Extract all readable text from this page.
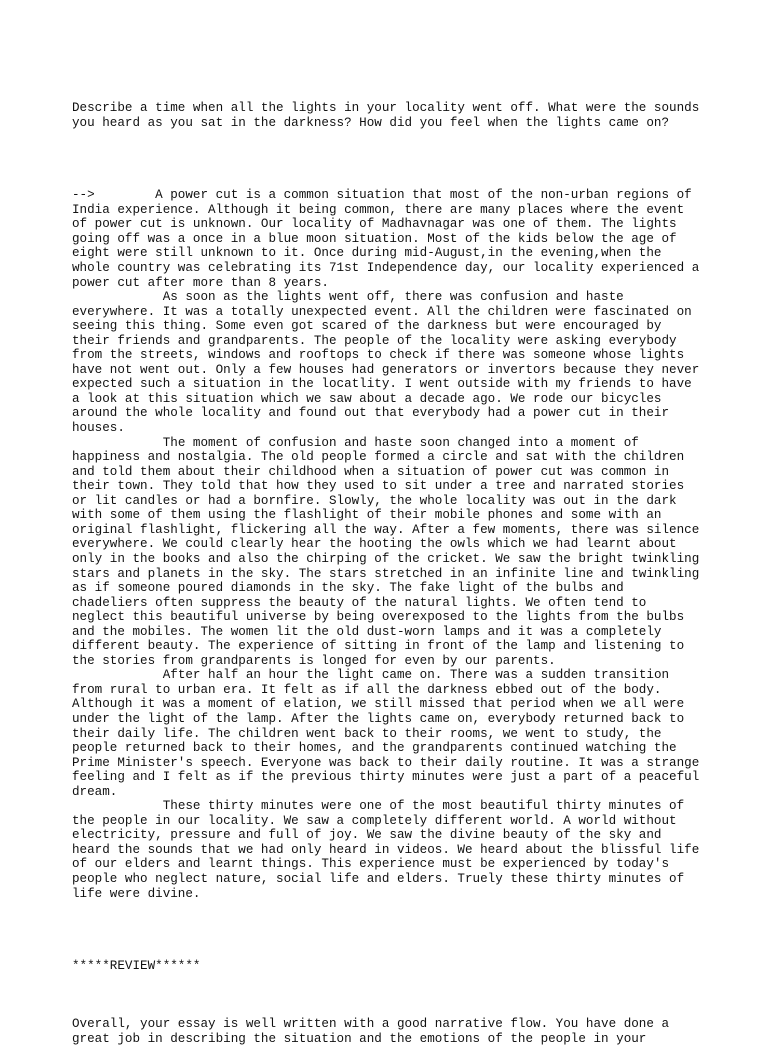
Describe a time when all the lights in your locality went off. What were the sounds
you heard as you sat in the darkness? How did you feel when the lights came on?

-->        A power cut is a common situation that most of the non-urban regions of
India experience. Although it being common, there are many places where the event
of power cut is unknown. Our locality of Madhavnagar was one of them. The lights
going off was a once in a blue moon situation. Most of the kids below the age of
eight were still unknown to it. Once during mid-August,in the evening,when the
whole country was celebrating its 71st Independence day, our locality experienced a
power cut after more than 8 years.
As soon as the lights went off, there was confusion and haste
everywhere. It was a totally unexpected event. All the children were fascinated on
seeing this thing. Some even got scared of the darkness but were encouraged by
their friends and grandparents. The people of the locality were asking everybody
from the streets, windows and rooftops to check if there was someone whose lights
have not went out. Only a few houses had generators or invertors because they never
expected such a situation in the locatlity. I went outside with my friends to have
a look at this situation which we saw about a decade ago. We rode our bicycles
around the whole locality and found out that everybody had a power cut in their
houses.
The moment of confusion and haste soon changed into a moment of
happiness and nostalgia. The old people formed a circle and sat with the children
and told them about their childhood when a situation of power cut was common in
their town. They told that how they used to sit under a tree and narrated stories
or lit candles or had a bornfire. Slowly, the whole locality was out in the dark
with some of them using the flashlight of their mobile phones and some with an
original flashlight, flickering all the way. After a few moments, there was silence
everywhere. We could clearly hear the hooting the owls which we had learnt about
only in the books and also the chirping of the cricket. We saw the bright twinkling
stars and planets in the sky. The stars stretched in an infinite line and twinkling
as if someone poured diamonds in the sky. The fake light of the bulbs and
chadeliers often suppress the beauty of the natural lights. We often tend to
neglect this beautiful universe by being overexposed to the lights from the bulbs
and the mobiles. The women lit the old dust-worn lamps and it was a completely
different beauty. The experience of sitting in front of the lamp and listening to
the stories from grandparents is longed for even by our parents.
After half an hour the light came on. There was a sudden transition
from rural to urban era. It felt as if all the darkness ebbed out of the body.
Although it was a moment of elation, we still missed that period when we all were
under the light of the lamp. After the lights came on, everybody returned back to
their daily life. The children went back to their rooms, we went to study, the
people returned back to their homes, and the grandparents continued watching the
Prime Minister's speech. Everyone was back to their daily routine. It was a strange
feeling and I felt as if the previous thirty minutes were just a part of a peaceful
dream.
These thirty minutes were one of the most beautiful thirty minutes of
the people in our locality. We saw a completely different world. A world without
electricity, pressure and full of joy. We saw the divine beauty of the sky and
heard the sounds that we had only heard in videos. We heard about the blissful life
of our elders and learnt things. This experience must be experienced by today's
people who neglect nature, social life and elders. Truely these thirty minutes of
life were divine.

*****REVIEW******

Overall, your essay is well written with a good narrative flow. You have done a
great job in describing the situation and the emotions of the people in your
